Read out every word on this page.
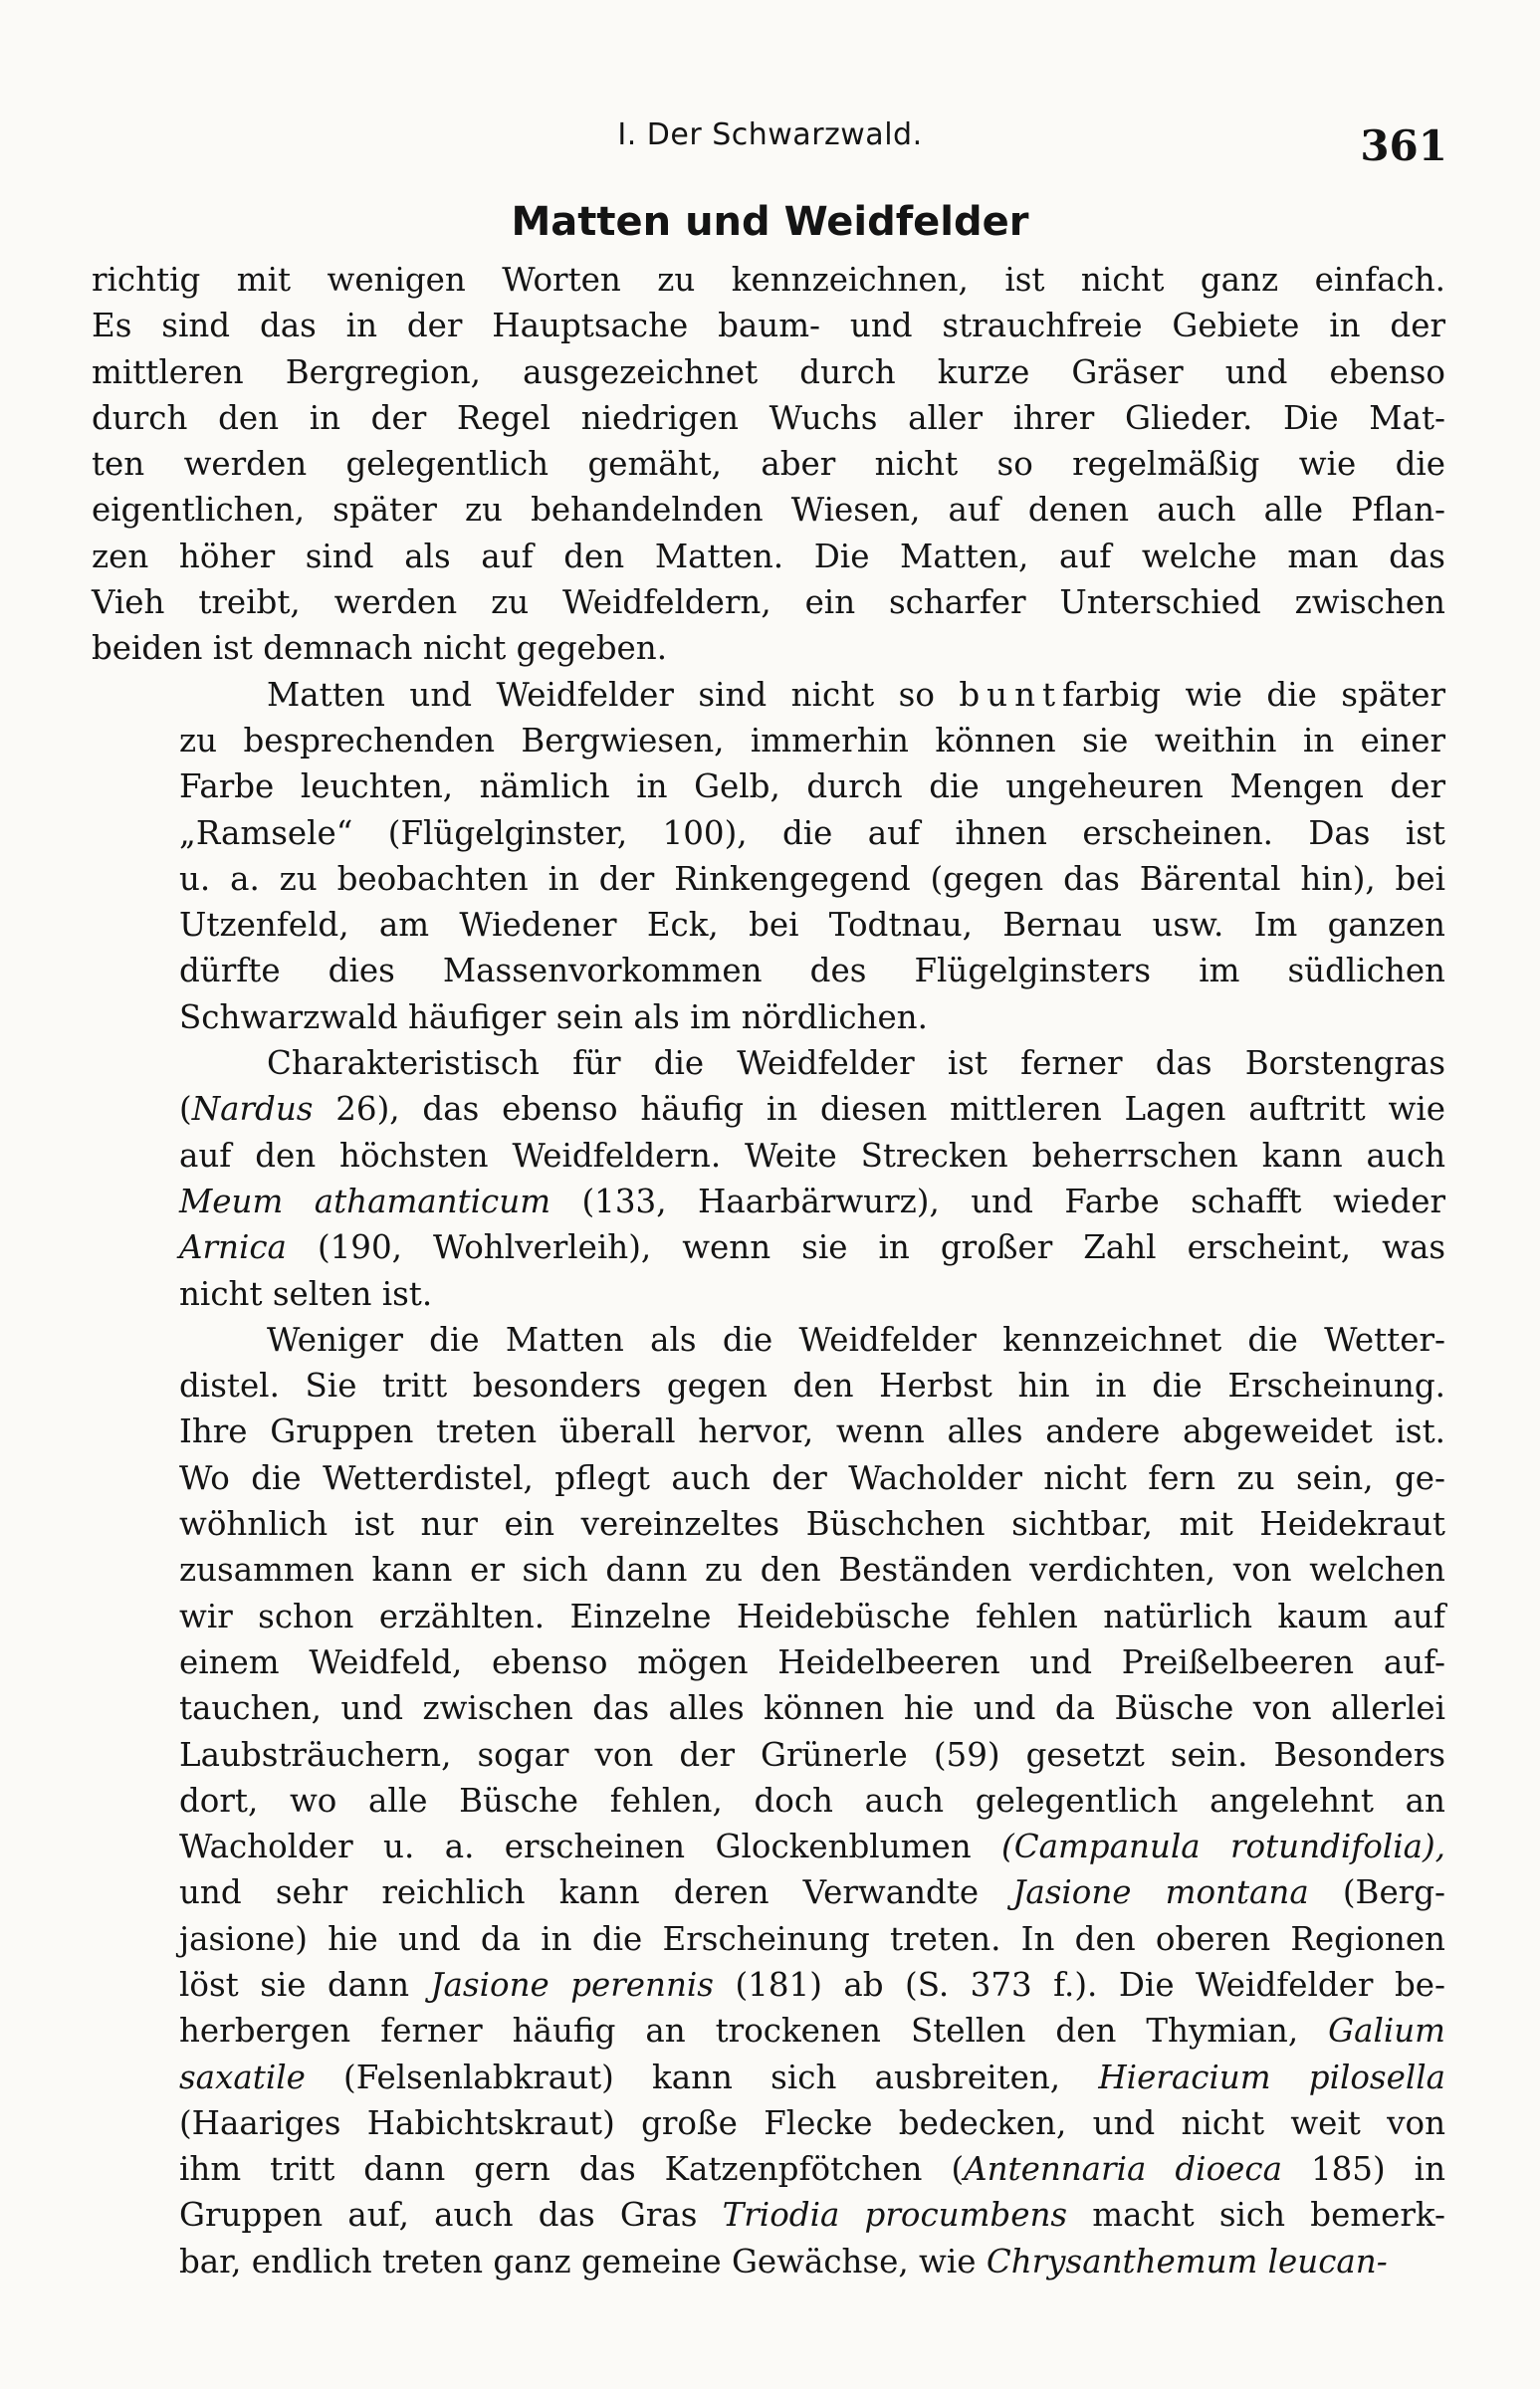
I. Der Schwarzwald.	361
Matten und Weidfelder

richtig mit wenigen Worten zu kennzeichnen, ist nicht ganz einfach.
Es sind das in der Hauptsache baum- und strauchfreie Gebiete in der
mittleren Bergregion, ausgezeichnet durch kurze Gräser und ebenso
durch den in der Regel niedrigen Wuchs aller ihrer Glieder. Die Mat-
ten werden gelegentlich gemäht, aber nicht so regelmäßig wie die
eigentlichen, später zu behandelnden Wiesen, auf denen auch alle Pflan-
zen höher sind als auf den Matten. Die Matten, auf welche man das
Vieh treibt, werden zu Weidfeldern, ein scharfer Unterschied zwischen
beiden ist demnach nicht gegeben.

Matten und Weidfelder sind nicht so buntfarbig wie die später
zu besprechenden Bergwiesen, immerhin können sie weithin in einer
Farbe leuchten, nämlich in Gelb, durch die ungeheuren Mengen der
„Ramsele“ (Flügelginster, 100), die auf ihnen erscheinen. Das ist
u. a. zu beobachten in der Rinkengegend (gegen das Bärental hin), bei
Utzenfeld, am Wiedener Eck, bei Todtnau, Bernau usw. Im ganzen
dürfte dies Massenvorkommen des Flügelginsters im südlichen
Schwarzwald häufiger sein als im nördlichen.

Charakteristisch für die Weidfelder ist ferner das Borstengras
(Nardus 26), das ebenso häufig in diesen mittleren Lagen auftritt wie
auf den höchsten Weidfeldern. Weite Strecken beherrschen kann auch
Meum athamanticum (133, Haarbärwurz), und Farbe schafft wieder
Arnica (190, Wohlverleih), wenn sie in großer Zahl erscheint, was
nicht selten ist.

Weniger die Matten als die Weidfelder kennzeichnet die Wetter-
distel. Sie tritt besonders gegen den Herbst hin in die Erscheinung.
Ihre Gruppen treten überall hervor, wenn alles andere abgeweidet ist.
Wo die Wetterdistel, pflegt auch der Wacholder nicht fern zu sein, ge-
wöhnlich ist nur ein vereinzeltes Büschchen sichtbar, mit Heidekraut
zusammen kann er sich dann zu den Beständen verdichten, von welchen
wir schon erzählten. Einzelne Heidebüsche fehlen natürlich kaum auf
einem Weidfeld, ebenso mögen Heidelbeeren und Preißelbeeren auf-
tauchen, und zwischen das alles können hie und da Büsche von allerlei
Laubsträuchern, sogar von der Grünerle (59) gesetzt sein. Besonders
dort, wo alle Büsche fehlen, doch auch gelegentlich angelehnt an
Wacholder u. a. erscheinen Glockenblumen (Campanula rotundifolia),
und sehr reichlich kann deren Verwandte Jasione montana (Berg-
jasione) hie und da in die Erscheinung treten. In den oberen Regionen
löst sie dann Jasione perennis (181) ab (S. 373 f.). Die Weidfelder be-
herbergen ferner häufig an trockenen Stellen den Thymian, Galium
saxatile (Felsenlabkraut) kann sich ausbreiten, Hieracium pilosella
(Haariges Habichtskraut) große Flecke bedecken, und nicht weit von
ihm tritt dann gern das Katzenpfötchen (Antennaria dioeca 185) in
Gruppen auf, auch das Gras Triodia procumbens macht sich bemerk-
bar, endlich treten ganz gemeine Gewächse, wie Chrysanthemum leucan-
